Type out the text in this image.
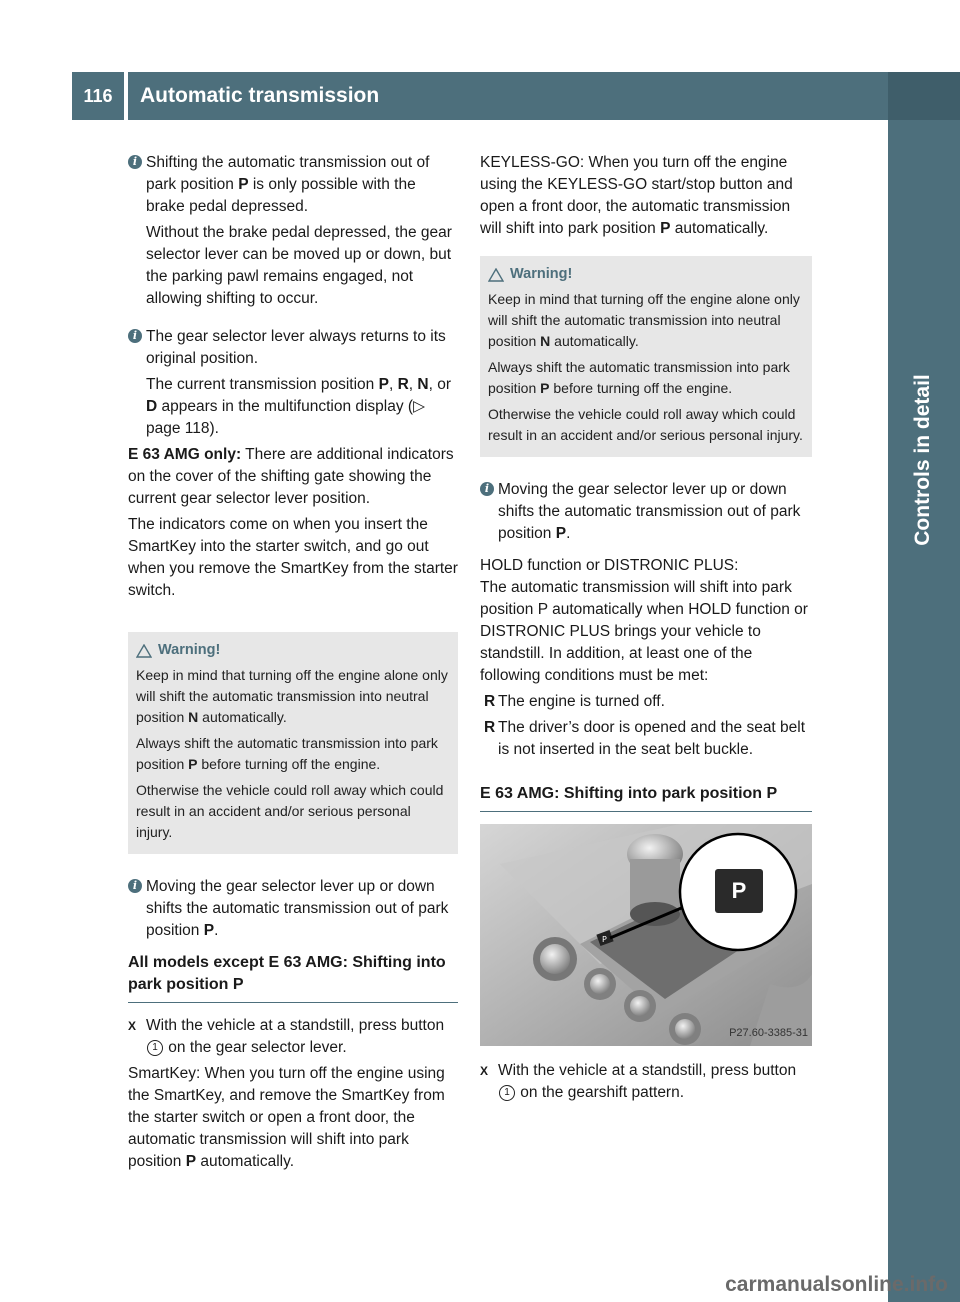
116	Automatic transmission
Controls in detail
i Shifting the automatic transmission out of park position P is only possible with the brake pedal depressed.

Without the brake pedal depressed, the gear selector lever can be moved up or down, but the parking pawl remains engaged, not allowing shifting to occur.

i The gear selector lever always returns to its original position.

The current transmission position P, R, N, or D appears in the multifunction display (▷ page 118).

E 63 AMG only: There are additional indicators on the cover of the shifting gate showing the current gear selector lever position.

The indicators come on when you insert the SmartKey into the starter switch, and go out when you remove the SmartKey from the starter switch.

Warning!

Keep in mind that turning off the engine alone only will shift the automatic transmission into neutral position N automatically.

Always shift the automatic transmission into park position P before turning off the engine.

Otherwise the vehicle could roll away which could result in an accident and/or serious personal injury.

i Moving the gear selector lever up or down shifts the automatic transmission out of park position P.

All models except E 63 AMG: Shifting into park position P
X With the vehicle at a standstill, press button 1 on the gear selector lever.

SmartKey: When you turn off the engine using the SmartKey, and remove the SmartKey from the starter switch or open a front door, the automatic transmission will shift into park position P automatically.

KEYLESS-GO: When you turn off the engine using the KEYLESS-GO start/stop button and open a front door, the automatic transmission will shift into park position P automatically.

Warning!

Keep in mind that turning off the engine alone only will shift the automatic transmission into neutral position N automatically.

Always shift the automatic transmission into park position P before turning off the engine.

Otherwise the vehicle could roll away which could result in an accident and/or serious personal injury.

i Moving the gear selector lever up or down shifts the automatic transmission out of park position P.

HOLD function or DISTRONIC PLUS:

The automatic transmission will shift into park position P automatically when HOLD function or DISTRONIC PLUS brings your vehicle to standstill. In addition, at least one of the following conditions must be met:

R The engine is turned off.

R The driver’s door is opened and the seat belt is not inserted in the seat belt buckle.

E 63 AMG: Shifting into park position P
P
P
P27.60-3385-31
X With the vehicle at a standstill, press button 1 on the gearshift pattern.

carmanualsonline.info
